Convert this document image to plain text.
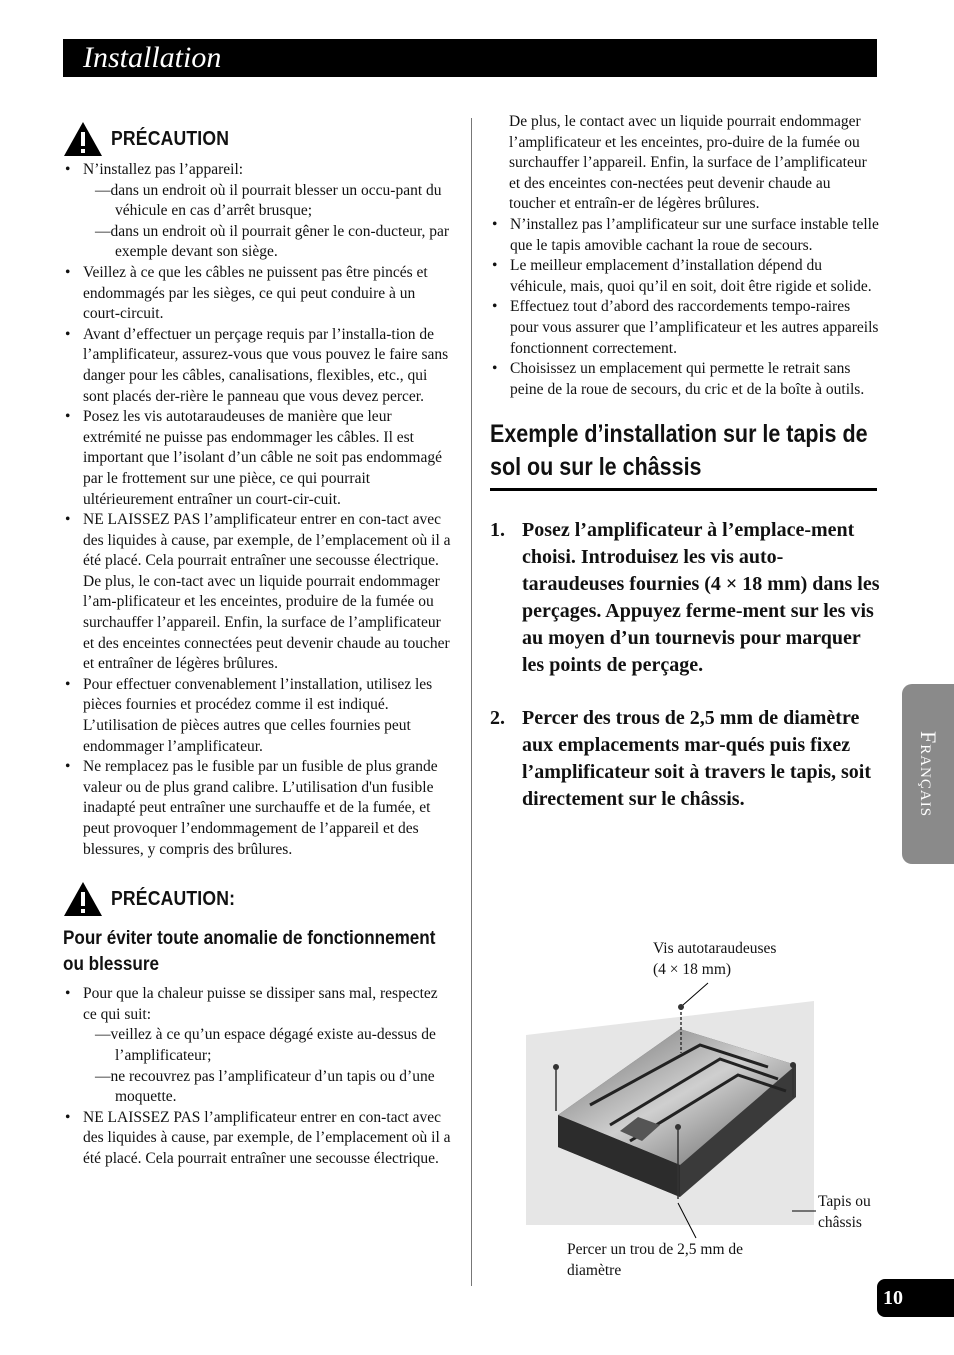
Installation
PRÉCAUTION
• N’installez pas l’appareil:
— dans un endroit où il pourrait blesser un occu-pant du véhicule en cas d’arrêt brusque;
— dans un endroit où il pourrait gêner le con-ducteur, par exemple devant son siège.
• Veillez à ce que les câbles ne puissent pas être pincés et endommagés par les sièges, ce qui peut conduire à un court-circuit.
• Avant d’effectuer un perçage requis par l’installa-tion de l’amplificateur, assurez-vous que vous pouvez le faire sans danger pour les câbles, canalisations, flexibles, etc., qui sont placés der-rière le panneau que vous devez percer.
• Posez les vis autotaraudeuses de manière que leur extrémité ne puisse pas endommager les câbles. Il est important que l’isolant d’un câble ne soit pas endommagé par le frottement sur une pièce, ce qui pourrait ultérieurement entraîner un court-cir-cuit.
• NE LAISSEZ PAS l’amplificateur entrer en con-tact avec des liquides à cause, par exemple, de l’emplacement où il a été placé. Cela pourrait entraîner une secousse électrique. De plus, le con-tact avec un liquide pourrait endommager l’am-plificateur et les enceintes, produire de la fumée ou surchauffer l’appareil. Enfin, la surface de l’amplificateur et des enceintes connectées peut devenir chaude au toucher et entraîner de légères brûlures.
• Pour effectuer convenablement l’installation, utilisez les pièces fournies et procédez comme il est indiqué. L’utilisation de pièces autres que celles fournies peut endommager l’amplificateur.
• Ne remplacez pas le fusible par un fusible de plus grande valeur ou de plus grand calibre. L’utilisation d'un fusible inadapté peut entraîner une surchauffe et de la fumée, et peut provoquer l’endommagement de l’appareil et des blessures, y compris des brûlures.
PRÉCAUTION:
Pour éviter toute anomalie de fonctionnement ou blessure
• Pour que la chaleur puisse se dissiper sans mal, respectez ce qui suit:
— veillez à ce qu’un espace dégagé existe au-dessus de l’amplificateur;
— ne recouvrez pas l’amplificateur d’un tapis ou d’une moquette.
• NE LAISSEZ PAS l’amplificateur entrer en con-tact avec des liquides à cause, par exemple, de l’emplacement où il a été placé. Cela pourrait entraîner une secousse électrique.
De plus, le contact avec un liquide pourrait endommager l’amplificateur et les enceintes, pro-duire de la fumée ou surchauffer l’appareil. Enfin, la surface de l’amplificateur et des enceintes con-nectées peut devenir chaude au toucher et entraîn-er de légères brûlures.
• N’installez pas l’amplificateur sur une surface instable telle que le tapis amovible cachant la roue de secours.
• Le meilleur emplacement d’installation dépend du véhicule, mais, quoi qu’il en soit, doit être rigide et solide.
• Effectuez tout d’abord des raccordements tempo-raires pour vous assurer que l’amplificateur et les autres appareils fonctionnent correctement.
• Choisissez un emplacement qui permette le retrait sans peine de la roue de secours, du cric et de la boîte à outils.
Exemple d’installation sur le tapis de sol ou sur le châssis
1. Posez l’amplificateur à l’emplace-ment choisi. Introduisez les vis auto-taraudeuses fournies (4 × 18 mm) dans les perçages. Appuyez ferme-ment sur les vis au moyen d’un tournevis pour marquer les points de perçage.
2. Percer des trous de 2,5 mm de diamètre aux emplacements mar-qués puis fixez l’amplificateur soit à travers le tapis, soit directement sur le châssis.
Vis autotaraudeuses
(4 × 18 mm)
Tapis ou
châssis
Percer un trou de 2,5 mm de
diamètre
Français
10
